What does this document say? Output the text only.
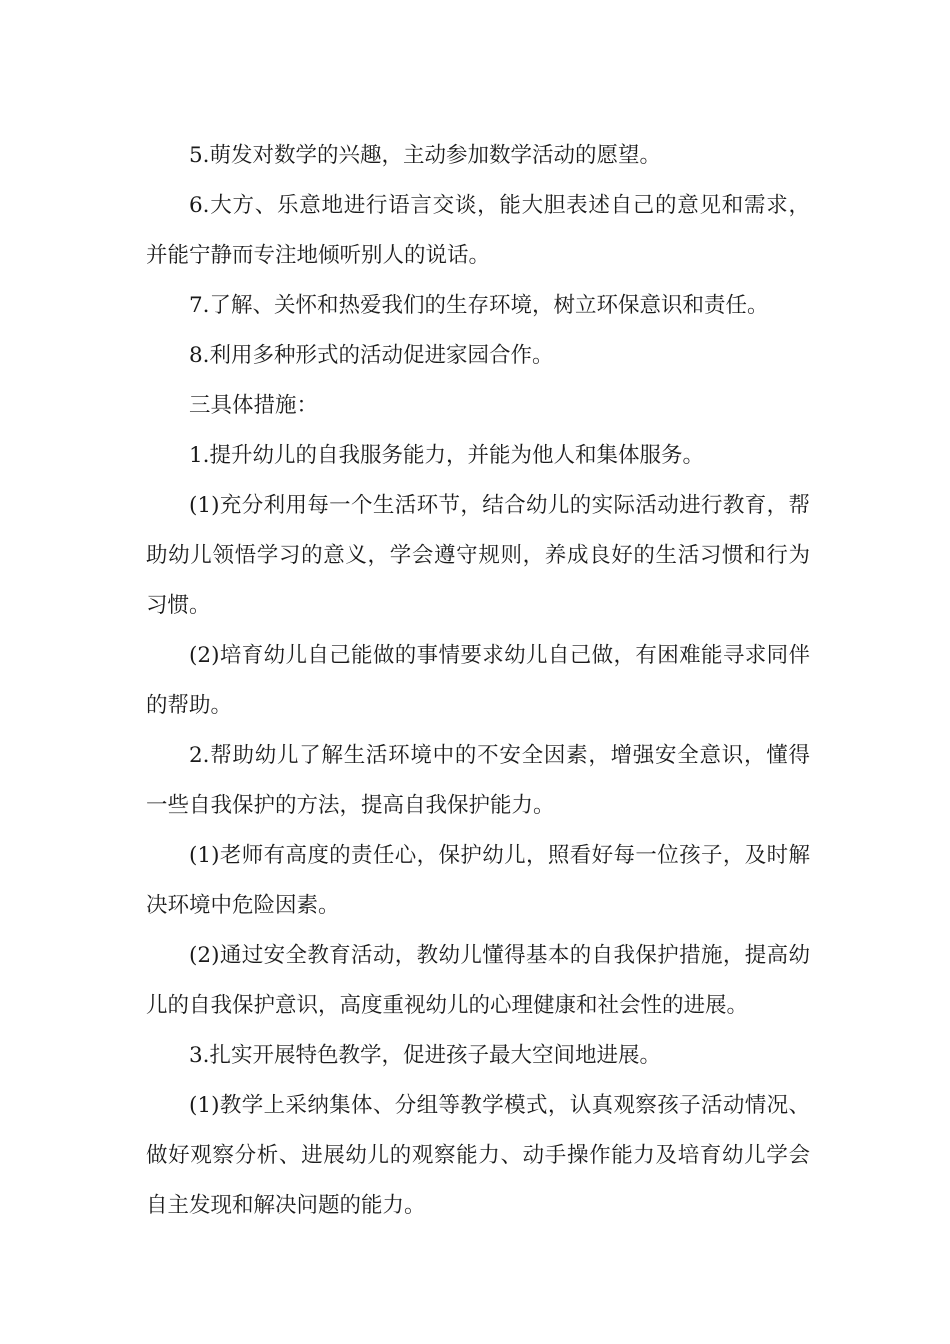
5.萌发对数学的兴趣，主动参加数学活动的愿望。

6.大方、乐意地进行语言交谈，能大胆表述自己的意见和需求，并能宁静而专注地倾听别人的说话。

7.了解、关怀和热爱我们的生存环境，树立环保意识和责任。

8.利用多种形式的活动促进家园合作。

三具体措施：

1.提升幼儿的自我服务能力，并能为他人和集体服务。

(1)充分利用每一个生活环节，结合幼儿的实际活动进行教育，帮助幼儿领悟学习的意义，学会遵守规则，养成良好的生活习惯和行为习惯。

(2)培育幼儿自己能做的事情要求幼儿自己做，有困难能寻求同伴的帮助。

2.帮助幼儿了解生活环境中的不安全因素，增强安全意识，懂得一些自我保护的方法，提高自我保护能力。

(1)老师有高度的责任心，保护幼儿，照看好每一位孩子，及时解决环境中危险因素。

(2)通过安全教育活动，教幼儿懂得基本的自我保护措施，提高幼儿的自我保护意识，高度重视幼儿的心理健康和社会性的进展。

3.扎实开展特色教学，促进孩子最大空间地进展。

(1)教学上采纳集体、分组等教学模式，认真观察孩子活动情况、做好观察分析、进展幼儿的观察能力、动手操作能力及培育幼儿学会自主发现和解决问题的能力。
